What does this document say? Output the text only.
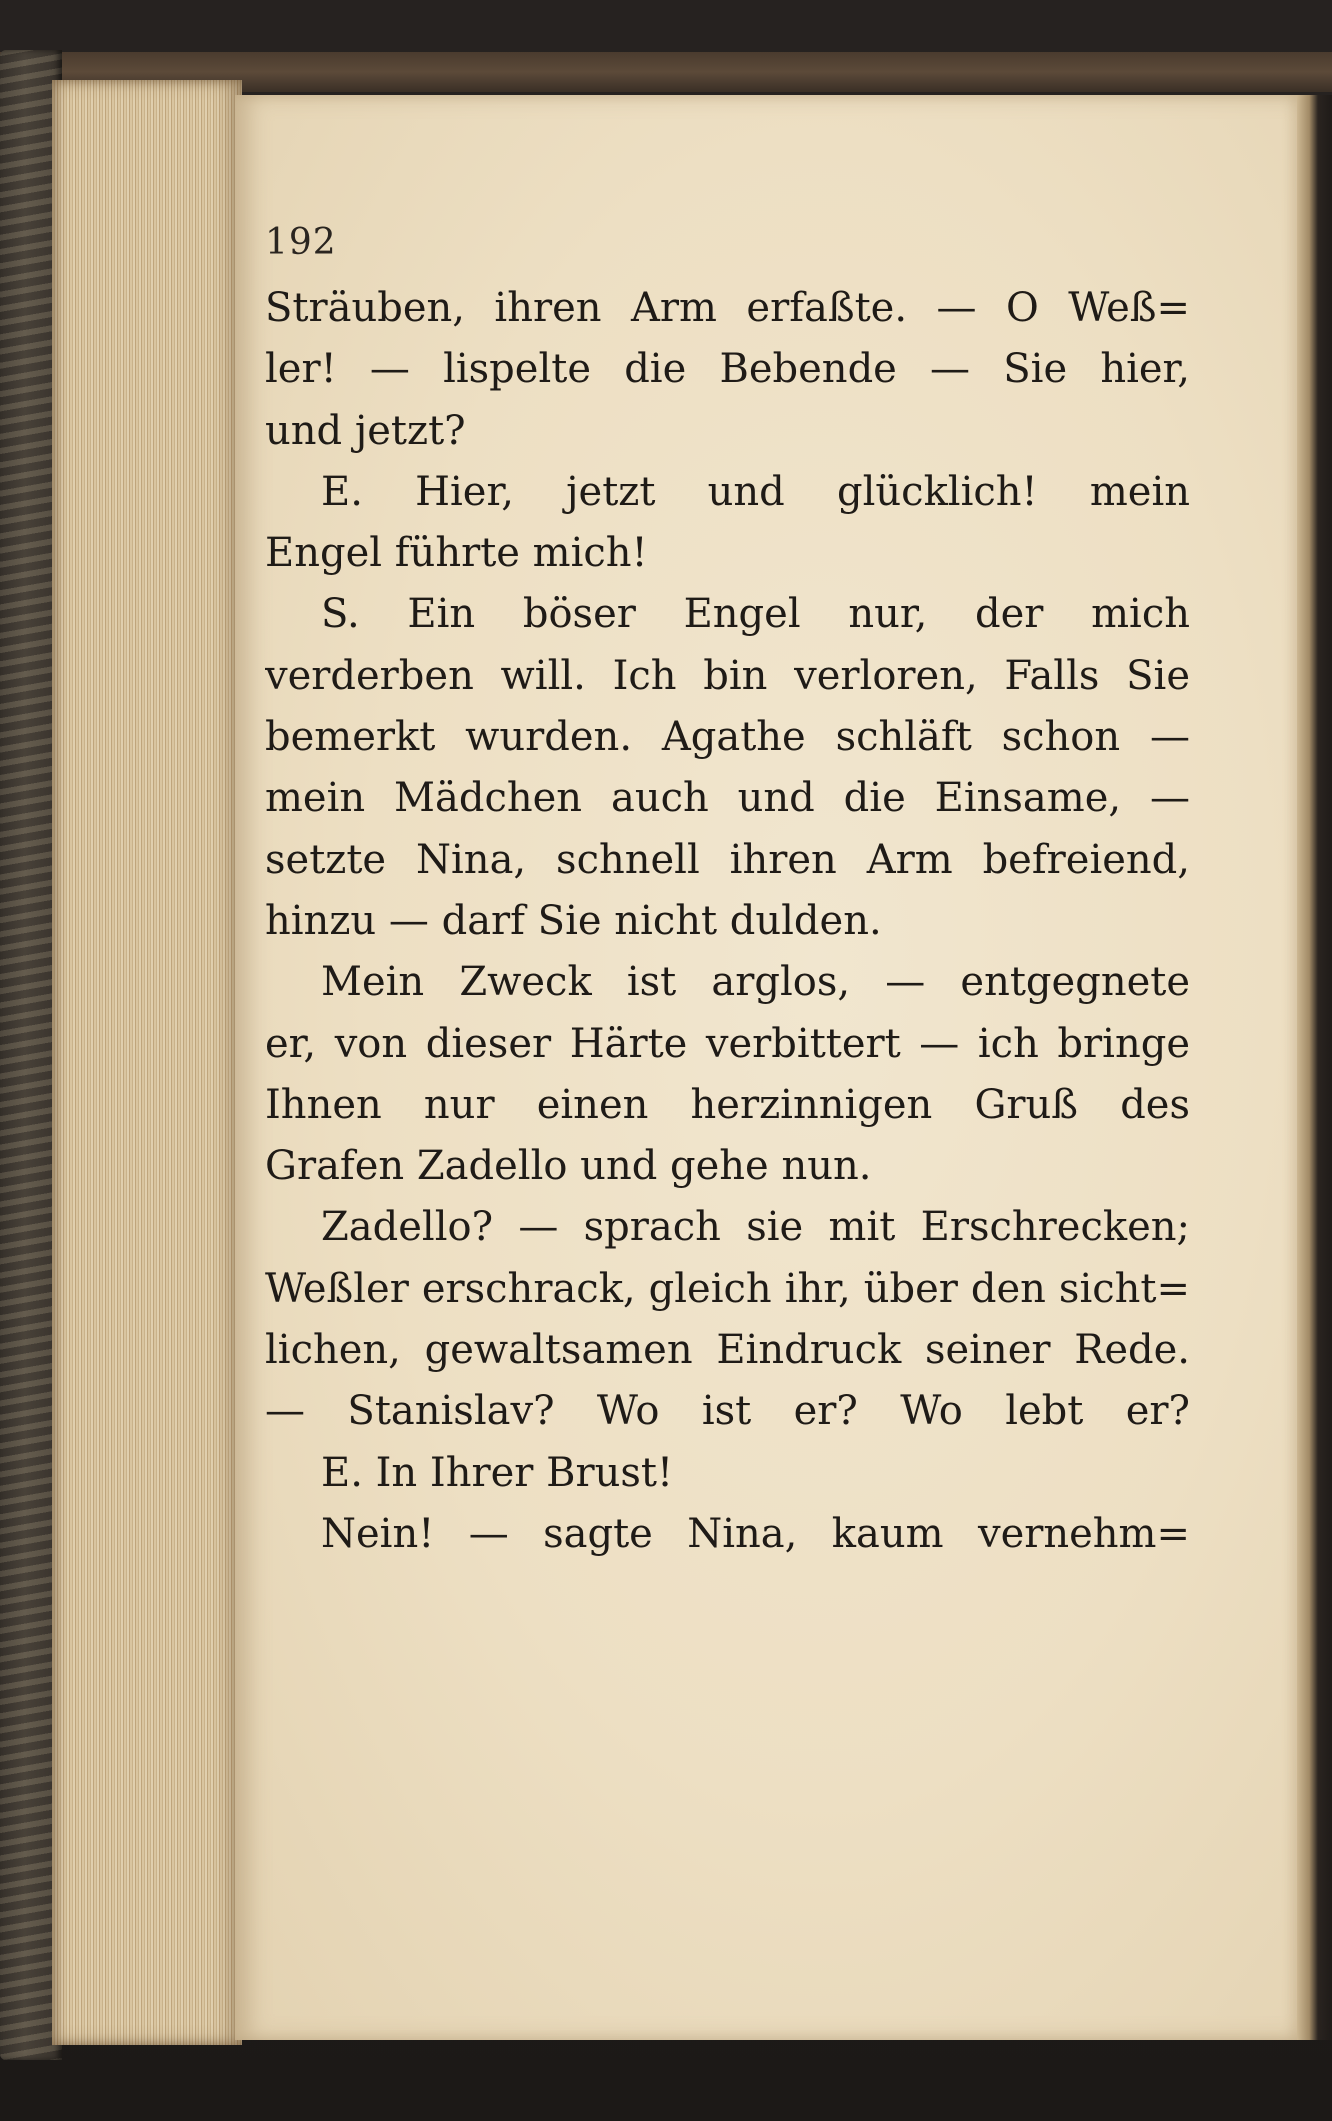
192
Sträuben, ihren Arm erfaßte. — O Weß=
ler! — lispelte die Bebende — Sie hier,
und jetzt?
E. Hier, jetzt und glücklich! mein
Engel führte mich!
S. Ein böser Engel nur, der mich
verderben will. Ich bin verloren, Falls Sie
bemerkt wurden. Agathe schläft schon —
mein Mädchen auch und die Einsame, —
setzte Nina, schnell ihren Arm befreiend,
hinzu — darf Sie nicht dulden.
Mein Zweck ist arglos, — entgegnete
er, von dieser Härte verbittert — ich bringe
Ihnen nur einen herzinnigen Gruß des
Grafen Zadello und gehe nun.
Zadello? — sprach sie mit Erschrecken;
Weßler erschrack, gleich ihr, über den sicht=
lichen, gewaltsamen Eindruck seiner Rede.
— Stanislav? Wo ist er? Wo lebt er?
E. In Ihrer Brust!
Nein! — sagte Nina, kaum vernehm=
